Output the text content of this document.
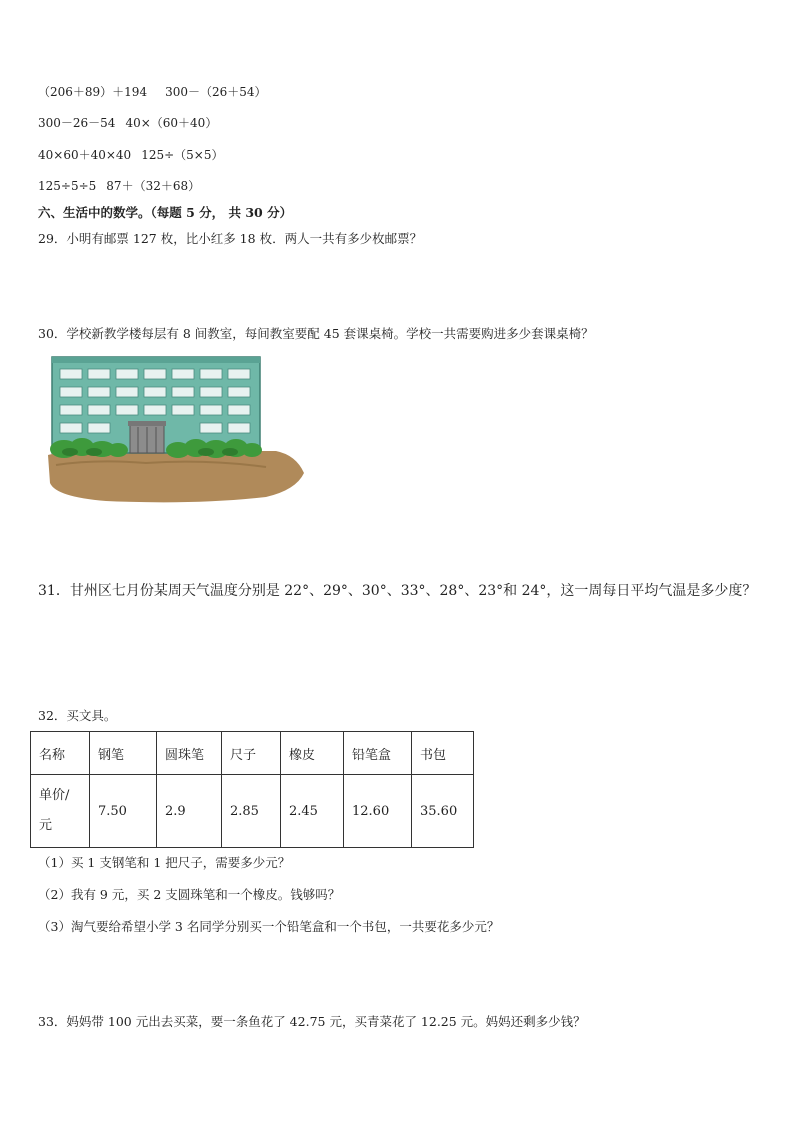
（206＋89）＋194 300－（26＋54）
300－26－54 40×（60＋40）
40×60＋40×40 125÷（5×5）
125÷5÷5 87＋（32＋68）
六、生活中的数学。（每题 5 分， 共 30 分）
29．小明有邮票 127 枚，比小红多 18 枚．两人一共有多少枚邮票？
30．学校新教学楼每层有 8 间教室，每间教室要配 45 套课桌椅。学校一共需要购进多少套课桌椅？
31．甘州区七月份某周天气温度分别是 22°、29°、30°、33°、28°、23°和 24°，这一周每日平均气温是多少度？
32．买文具。
名称	钢笔	圆珠笔	尺子	橡皮	铅笔盒	书包
单价/元	7.50	2.9	2.85	2.45	12.60	35.60
（1）买 1 支钢笔和 1 把尺子，需要多少元？
（2）我有 9 元，买 2 支圆珠笔和一个橡皮。钱够吗？
（3）淘气要给希望小学 3 名同学分别买一个铅笔盒和一个书包，一共要花多少元？
33．妈妈带 100 元出去买菜，要一条鱼花了 42.75 元，买青菜花了 12.25 元。妈妈还剩多少钱？
